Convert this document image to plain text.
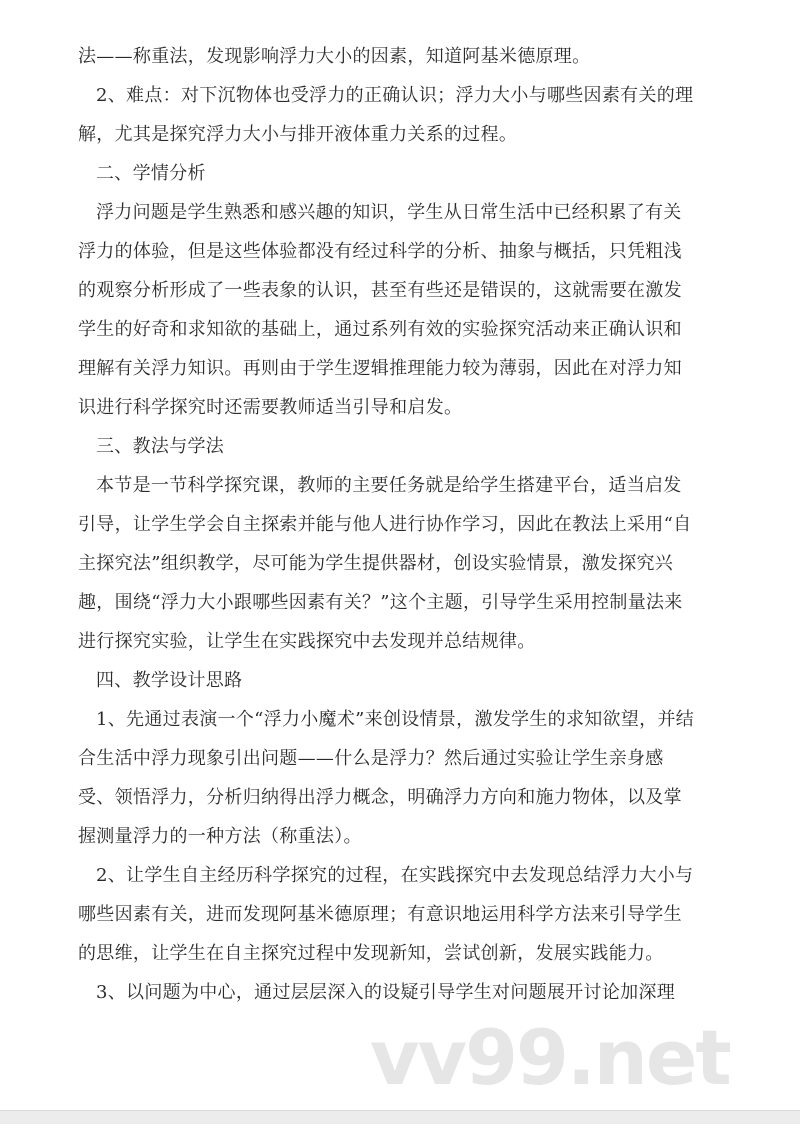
法——称重法，发现影响浮力大小的因素，知道阿基米德原理。
2、难点：对下沉物体也受浮力的正确认识；浮力大小与哪些因素有关的理
解，尤其是探究浮力大小与排开液体重力关系的过程。
二、学情分析
浮力问题是学生熟悉和感兴趣的知识，学生从日常生活中已经积累了有关
浮力的体验，但是这些体验都没有经过科学的分析、抽象与概括，只凭粗浅
的观察分析形成了一些表象的认识，甚至有些还是错误的，这就需要在激发
学生的好奇和求知欲的基础上，通过系列有效的实验探究活动来正确认识和
理解有关浮力知识。再则由于学生逻辑推理能力较为薄弱，因此在对浮力知
识进行科学探究时还需要教师适当引导和启发。
三、教法与学法
本节是一节科学探究课，教师的主要任务就是给学生搭建平台，适当启发
引导，让学生学会自主探索并能与他人进行协作学习，因此在教法上采用“自
主探究法”组织教学，尽可能为学生提供器材，创设实验情景，激发探究兴
趣，围绕“浮力大小跟哪些因素有关？”这个主题，引导学生采用控制量法来
进行探究实验，让学生在实践探究中去发现并总结规律。
四、教学设计思路
1、先通过表演一个“浮力小魔术”来创设情景，激发学生的求知欲望，并结
合生活中浮力现象引出问题——什么是浮力？然后通过实验让学生亲身感
受、领悟浮力，分析归纳得出浮力概念，明确浮力方向和施力物体，以及掌
握测量浮力的一种方法（称重法）。
2、让学生自主经历科学探究的过程，在实践探究中去发现总结浮力大小与
哪些因素有关，进而发现阿基米德原理；有意识地运用科学方法来引导学生
的思维，让学生在自主探究过程中发现新知，尝试创新，发展实践能力。
3、以问题为中心，通过层层深入的设疑引导学生对问题展开讨论加深理
vv99.net
